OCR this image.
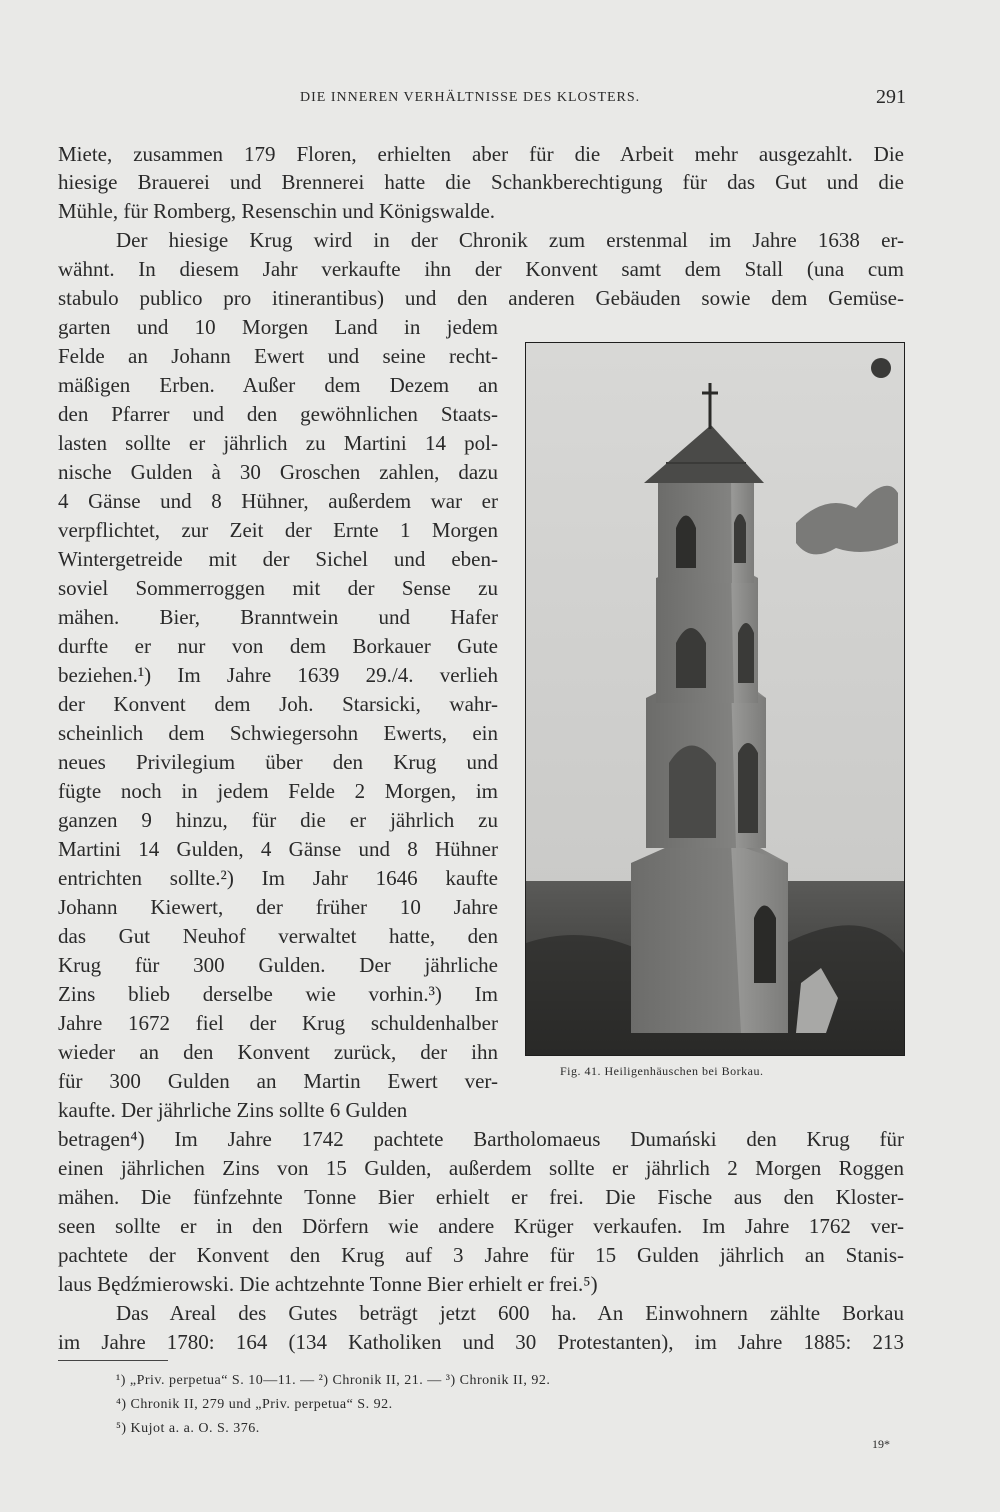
DIE INNEREN VERHÄLTNISSE DES KLOSTERS.	291
Miete, zusammen 179 Floren, erhielten aber für die Arbeit mehr ausgezahlt. Die
hiesige Brauerei und Brennerei hatte die Schankberechtigung für das Gut und die
Mühle, für Romberg, Resenschin und Königswalde.
Der hiesige Krug wird in der Chronik zum erstenmal im Jahre 1638 er-
wähnt. In diesem Jahr verkaufte ihn der Konvent samt dem Stall (una cum
stabulo publico pro itinerantibus) und den anderen Gebäuden sowie dem Gemüse-
garten und 10 Morgen Land in jedem
Felde an Johann Ewert und seine recht-
mäßigen Erben. Außer dem Dezem an
den Pfarrer und den gewöhnlichen Staats-
lasten sollte er jährlich zu Martini 14 pol-
nische Gulden à 30 Groschen zahlen, dazu
4 Gänse und 8 Hühner, außerdem war er
verpflichtet, zur Zeit der Ernte 1 Morgen
Wintergetreide mit der Sichel und eben-
soviel Sommerroggen mit der Sense zu
mähen. Bier, Branntwein und Hafer
durfte er nur von dem Borkauer Gute
beziehen.¹) Im Jahre 1639 29./4. verlieh
der Konvent dem Joh. Starsicki, wahr-
scheinlich dem Schwiegersohn Ewerts, ein
neues Privilegium über den Krug und
fügte noch in jedem Felde 2 Morgen, im
ganzen 9 hinzu, für die er jährlich zu
Martini 14 Gulden, 4 Gänse und 8 Hühner
entrichten sollte.²) Im Jahr 1646 kaufte
Johann Kiewert, der früher 10 Jahre
das Gut Neuhof verwaltet hatte, den
Krug für 300 Gulden. Der jährliche
Zins blieb derselbe wie vorhin.³) Im
Jahre 1672 fiel der Krug schuldenhalber
wieder an den Konvent zurück, der ihn
für 300 Gulden an Martin Ewert ver-
kaufte. Der jährliche Zins sollte 6 Gulden
betragen⁴) Im Jahre 1742 pachtete Bartholomaeus Dumański den Krug für
einen jährlichen Zins von 15 Gulden, außerdem sollte er jährlich 2 Morgen Roggen
mähen. Die fünfzehnte Tonne Bier erhielt er frei. Die Fische aus den Kloster-
seen sollte er in den Dörfern wie andere Krüger verkaufen. Im Jahre 1762 ver-
pachtete der Konvent den Krug auf 3 Jahre für 15 Gulden jährlich an Stanis-
laus Będźmierowski. Die achtzehnte Tonne Bier erhielt er frei.⁵)
Das Areal des Gutes beträgt jetzt 600 ha. An Einwohnern zählte Borkau
im Jahre 1780: 164 (134 Katholiken und 30 Protestanten), im Jahre 1885: 213
Fig. 41. Heiligenhäuschen bei Borkau.
¹) „Priv. perpetua“ S. 10—11. — ²) Chronik II, 21. — ³) Chronik II, 92.
⁴) Chronik II, 279 und „Priv. perpetua“ S. 92.
⁵) Kujot a. a. O. S. 376.
19*
